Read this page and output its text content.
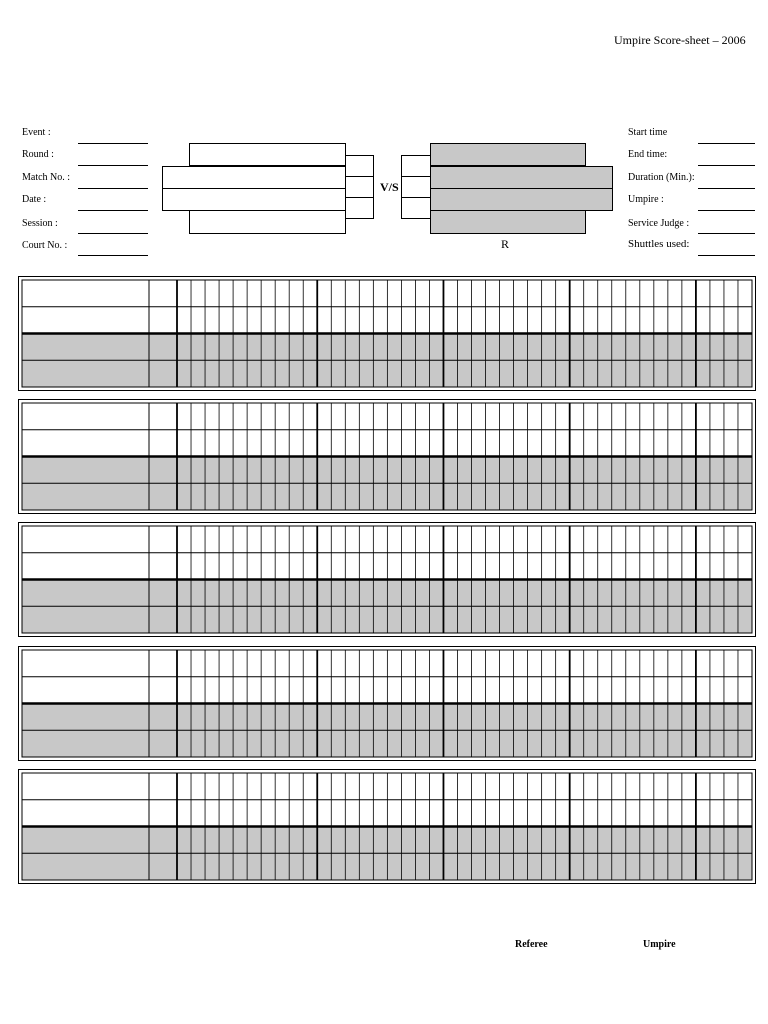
Umpire Score-sheet – 2006
Event :
Round :
Match No. :
Date :
Session :
Court No. :
Start time
End time:
Duration (Min.):
Umpire :
Service Judge :
Shuttles used:
V/S
R
Referee	Umpire
